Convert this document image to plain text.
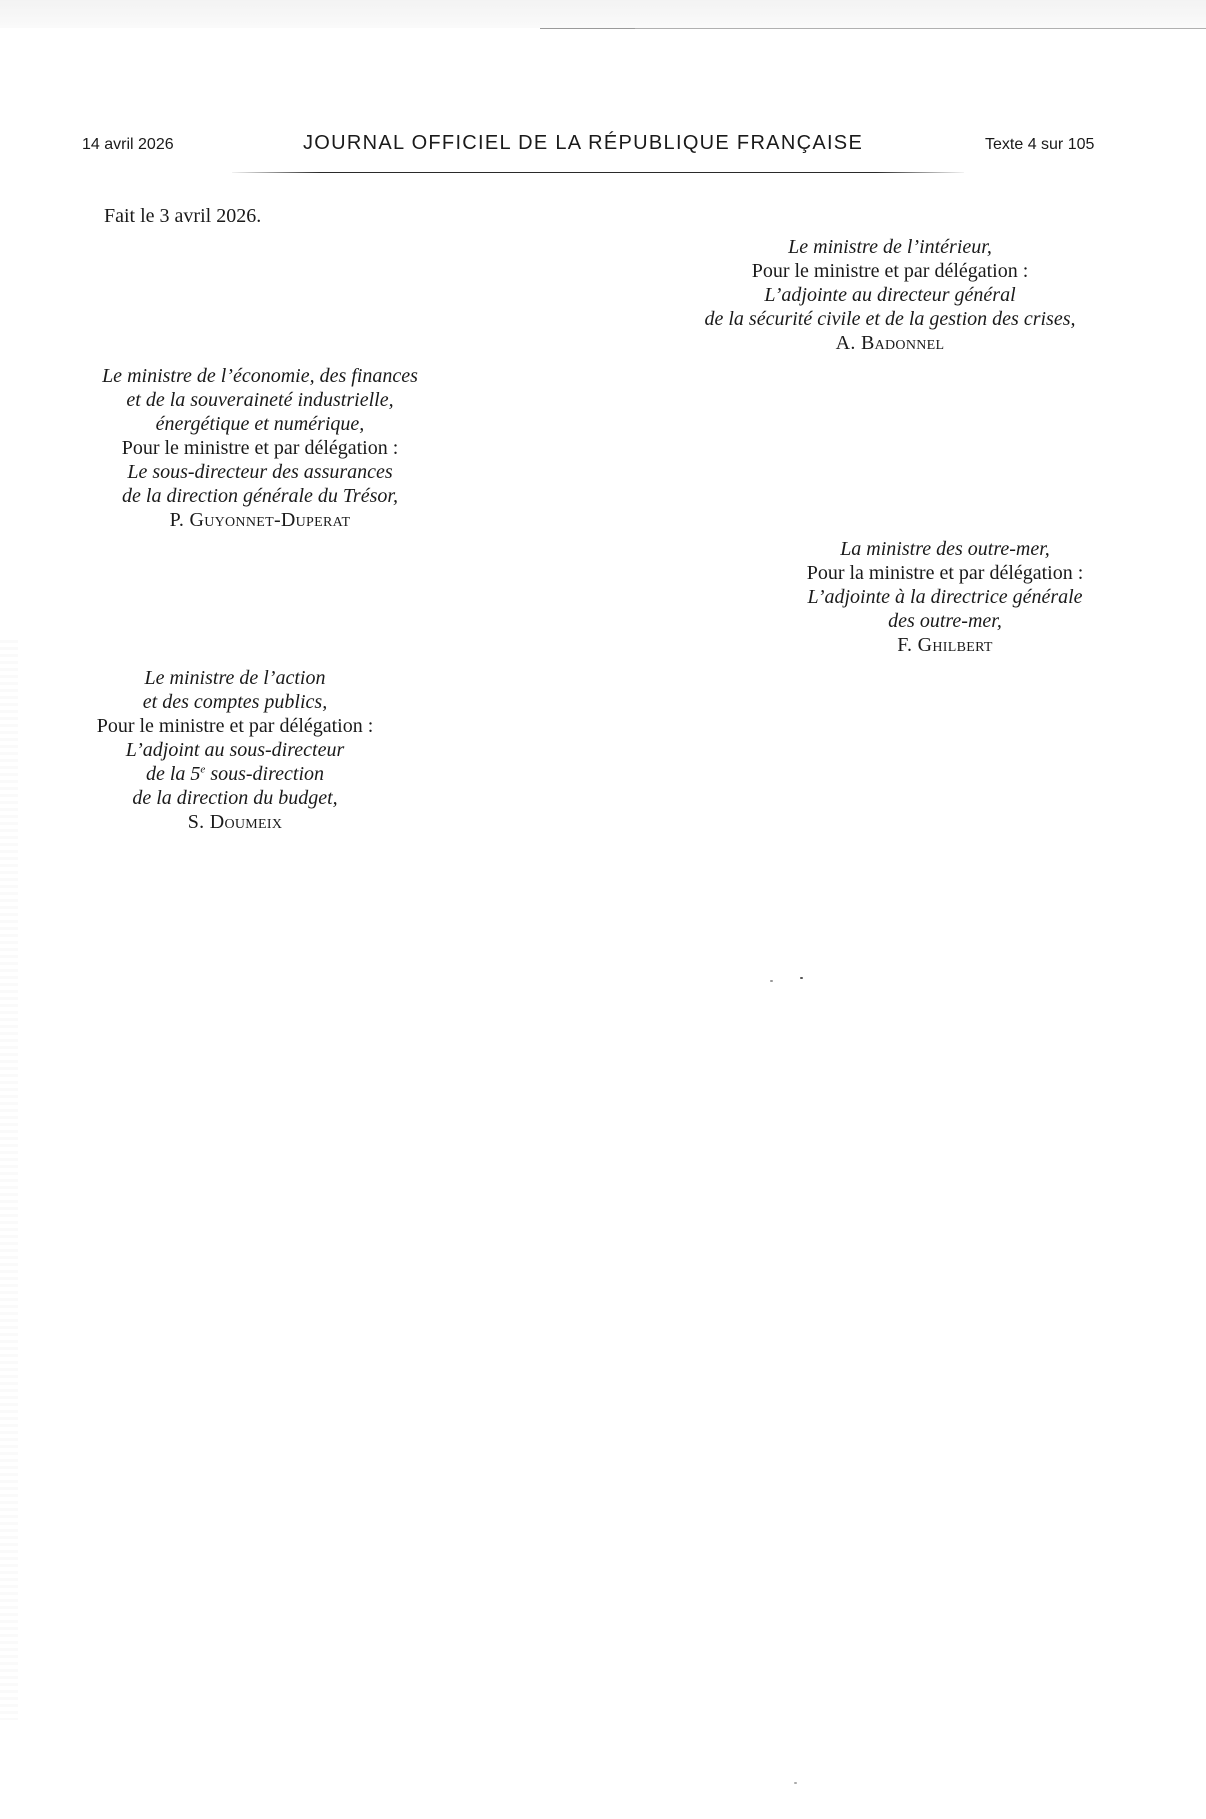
14 avril 2026	JOURNAL OFFICIEL DE LA RÉPUBLIQUE FRANÇAISE	Texte 4 sur 105
Fait le 3 avril 2026.
Le ministre de l’intérieur,
Pour le ministre et par délégation :
L’adjointe au directeur général
de la sécurité civile et de la gestion des crises,
A. Badonnel
Le ministre de l’économie, des finances
et de la souveraineté industrielle,
énergétique et numérique,
Pour le ministre et par délégation :
Le sous-directeur des assurances
de la direction générale du Trésor,
P. Guyonnet-Duperat
La ministre des outre-mer,
Pour la ministre et par délégation :
L’adjointe à la directrice générale
des outre-mer,
F. Ghilbert
Le ministre de l’action
et des comptes publics,
Pour le ministre et par délégation :
L’adjoint au sous-directeur
de la 5e sous-direction
de la direction du budget,
S. Doumeix
